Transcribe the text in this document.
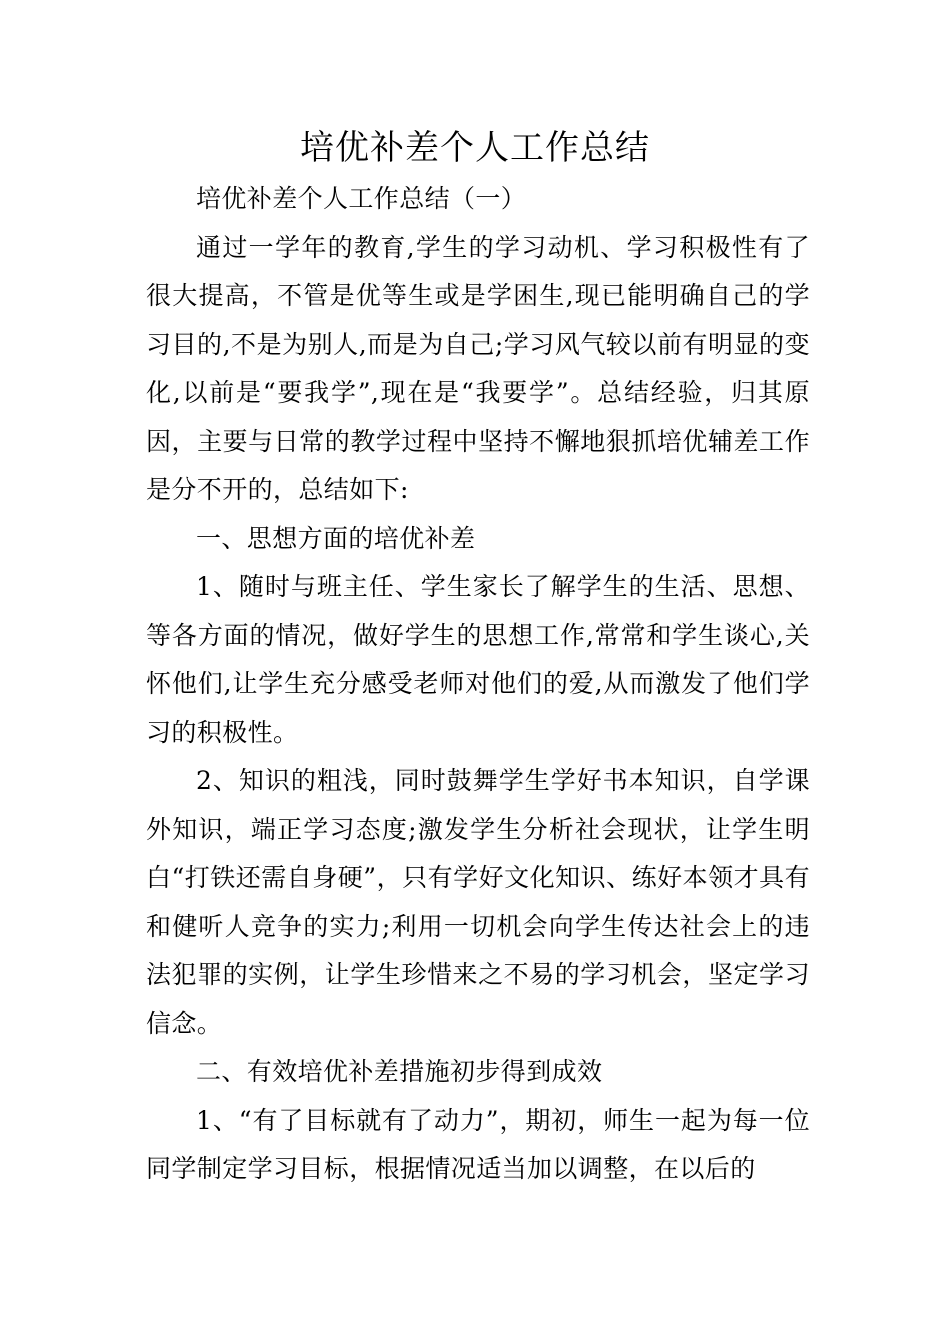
培优补差个人工作总结

培优补差个人工作总结（一）

通过一学年的教育,学生的学习动机、学习积极性有了很大提高，不管是优等生或是学困生,现已能明确自己的学习目的,不是为别人,而是为自己;学习风气较以前有明显的变化,以前是“要我学”,现在是“我要学”。总结经验，归其原因，主要与日常的教学过程中坚持不懈地狠抓培优辅差工作是分不开的，总结如下:

一、思想方面的培优补差

1、随时与班主任、学生家长了解学生的生活、思想、等各方面的情况，做好学生的思想工作,常常和学生谈心,关怀他们,让学生充分感受老师对他们的爱,从而激发了他们学习的积极性。

2、知识的粗浅，同时鼓舞学生学好书本知识，自学课外知识，端正学习态度;激发学生分析社会现状，让学生明白“打铁还需自身硬”，只有学好文化知识、练好本领才具有和健听人竞争的实力;利用一切机会向学生传达社会上的违法犯罪的实例，让学生珍惜来之不易的学习机会，坚定学习信念。

二、有效培优补差措施初步得到成效

1、“有了目标就有了动力”，期初，师生一起为每一位同学制定学习目标，根据情况适当加以调整，在以后的
